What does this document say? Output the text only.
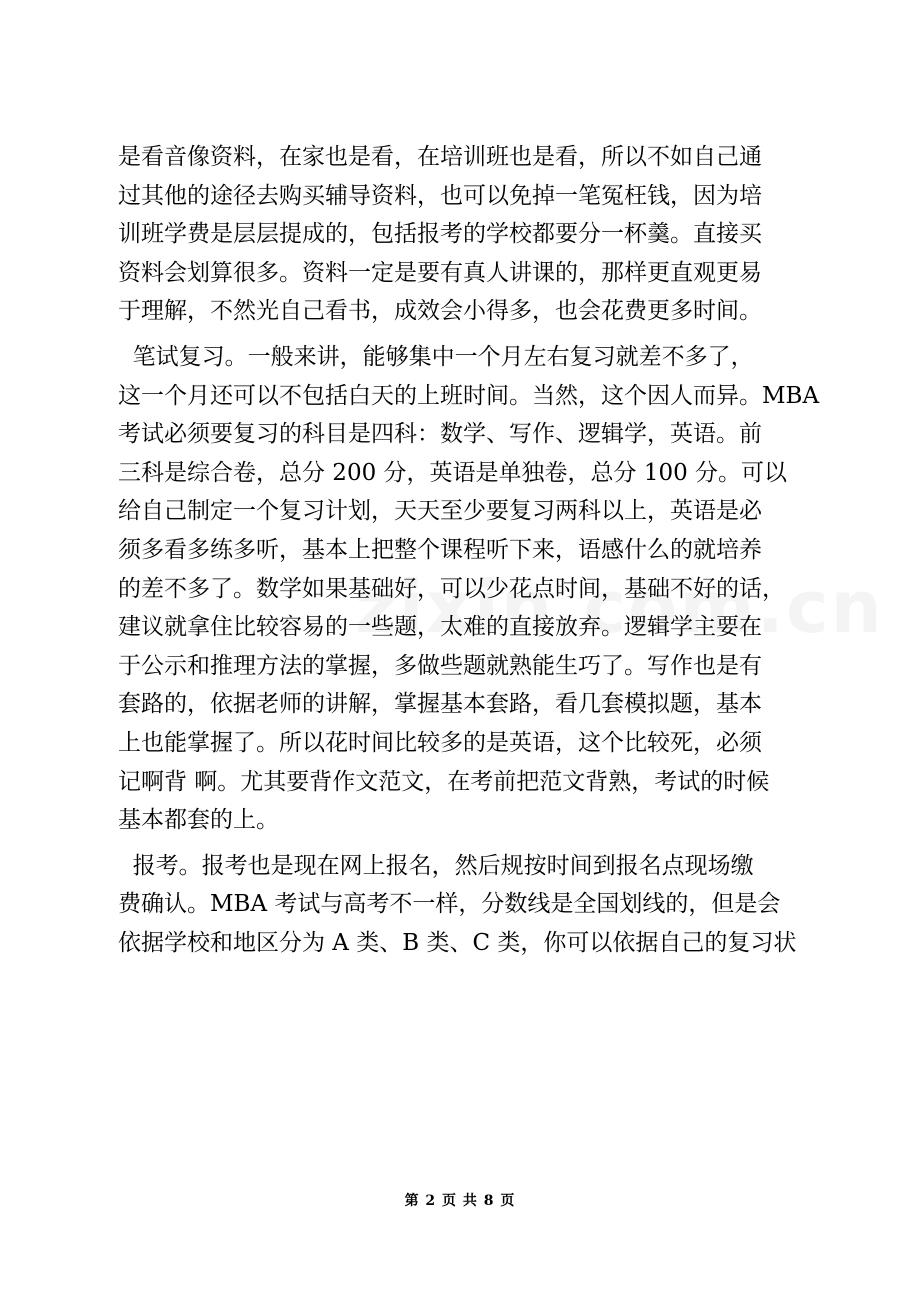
是看音像资料，在家也是看，在培训班也是看，所以不如自己通
过其他的途径去购买辅导资料，也可以免掉一笔冤枉钱，因为培
训班学费是层层提成的，包括报考的学校都要分一杯羹。直接买
资料会划算很多。资料一定是要有真人讲课的，那样更直观更易
于理解，不然光自己看书，成效会小得多，也会花费更多时间。
笔试复习。一般来讲，能够集中一个月左右复习就差不多了，
这一个月还可以不包括白天的上班时间。当然，这个因人而异。MBA
考试必须要复习的科目是四科：数学、写作、逻辑学，英语。前
三科是综合卷，总分 200 分，英语是单独卷，总分 100 分。可以
给自己制定一个复习计划，天天至少要复习两科以上，英语是必
须多看多练多听，基本上把整个课程听下来，语感什么的就培养
的差不多了。数学如果基础好，可以少花点时间，基础不好的话，
建议就拿住比较容易的一些题，太难的直接放弃。逻辑学主要在
于公示和推理方法的掌握，多做些题就熟能生巧了。写作也是有
套路的，依据老师的讲解，掌握基本套路，看几套模拟题，基本
上也能掌握了。所以花时间比较多的是英语，这个比较死，必须
记啊背 啊。尤其要背作文范文，在考前把范文背熟，考试的时候
基本都套的上。
报考。报考也是现在网上报名，然后规按时间到报名点现场缴
费确认。MBA 考试与高考不一样，分数线是全国划线的，但是会
依据学校和地区分为 A 类、B 类、C 类，你可以依据自己的复习状
第 2 页 共 8 页
